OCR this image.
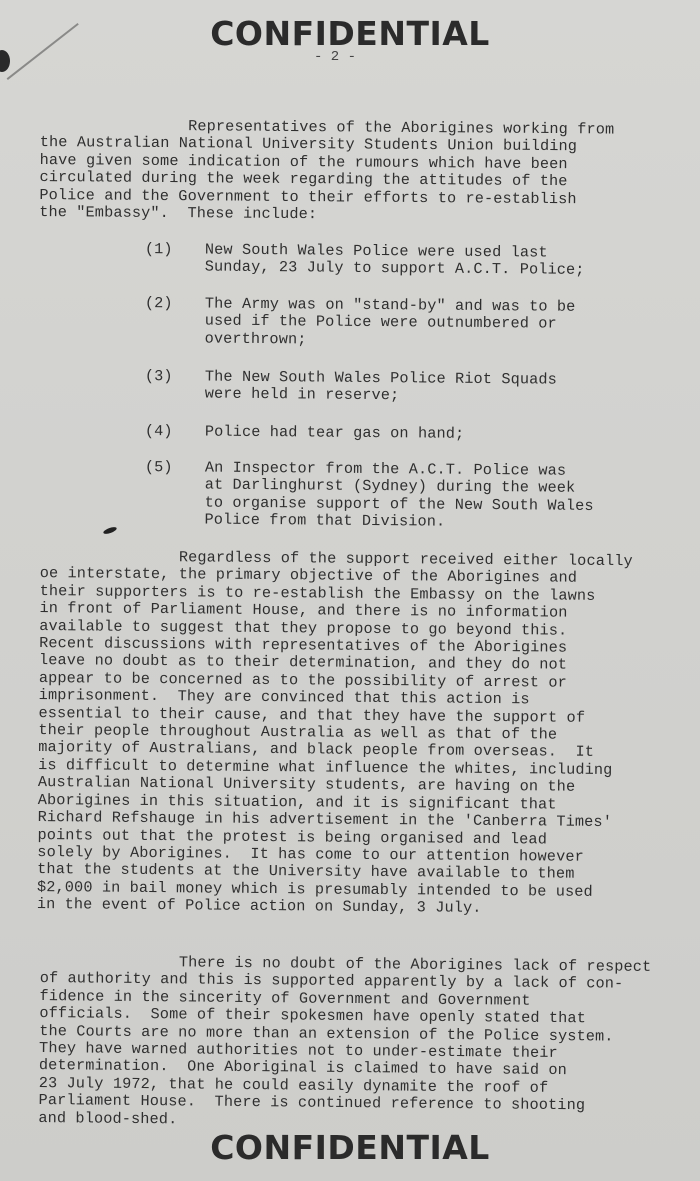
CONFIDENTIAL
- 2 -

Representatives of the Aborigines working from
the Australian National University Students Union building
have given some indication of the rumours which have been
circulated during the week regarding the attitudes of the
Police and the Government to their efforts to re-establish
the "Embassy".  These include:

(1) New South Wales Police were used last
Sunday, 23 July to support A.C.T. Police;
(2) The Army was on "stand-by" and was to be
used if the Police were outnumbered or
overthrown;
(3) The New South Wales Police Riot Squads
were held in reserve;
(4) Police had tear gas on hand;
(5) An Inspector from the A.C.T. Police was
at Darlinghurst (Sydney) during the week
to organise support of the New South Wales
Police from that Division.

Regardless of the support received either locally
oe interstate, the primary objective of the Aborigines and
their supporters is to re-establish the Embassy on the lawns
in front of Parliament House, and there is no information
available to suggest that they propose to go beyond this.
Recent discussions with representatives of the Aborigines
leave no doubt as to their determination, and they do not
appear to be concerned as to the possibility of arrest or
imprisonment.  They are convinced that this action is
essential to their cause, and that they have the support of
their people throughout Australia as well as that of the
majority of Australians, and black people from overseas.  It
is difficult to determine what influence the whites, including
Australian National University students, are having on the
Aborigines in this situation, and it is significant that
Richard Refshauge in his advertisement in the 'Canberra Times'
points out that the protest is being organised and lead
solely by Aborigines.  It has come to our attention however
that the students at the University have available to them
$2,000 in bail money which is presumably intended to be used
in the event of Police action on Sunday, 3 July.

There is no doubt of the Aborigines lack of respect
of authority and this is supported apparently by a lack of con-
fidence in the sincerity of Government and Government
officials.  Some of their spokesmen have openly stated that
the Courts are no more than an extension of the Police system.
They have warned authorities not to under-estimate their
determination.  One Aboriginal is claimed to have said on
23 July 1972, that he could easily dynamite the roof of
Parliament House.  There is continued reference to shooting
and blood-shed.

CONFIDENTIAL
